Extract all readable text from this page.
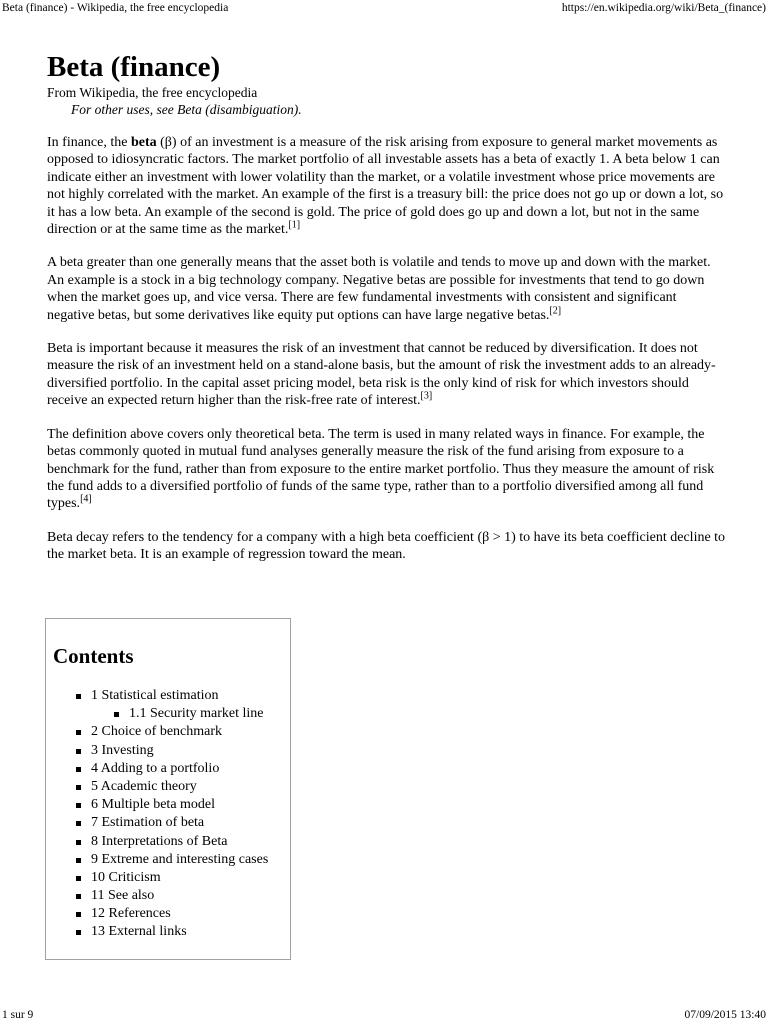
Beta (finance) - Wikipedia, the free encyclopedia	https://en.wikipedia.org/wiki/Beta_(finance)
Beta (finance)
From Wikipedia, the free encyclopedia
For other uses, see Beta (disambiguation).

In finance, the beta (β) of an investment is a measure of the risk arising from exposure to general market movements as opposed to idiosyncratic factors. The market portfolio of all investable assets has a beta of exactly 1. A beta below 1 can indicate either an investment with lower volatility than the market, or a volatile investment whose price movements are not highly correlated with the market. An example of the first is a treasury bill: the price does not go up or down a lot, so it has a low beta. An example of the second is gold. The price of gold does go up and down a lot, but not in the same direction or at the same time as the market.[1]

A beta greater than one generally means that the asset both is volatile and tends to move up and down with the market. An example is a stock in a big technology company. Negative betas are possible for investments that tend to go down when the market goes up, and vice versa. There are few fundamental investments with consistent and significant negative betas, but some derivatives like equity put options can have large negative betas.[2]

Beta is important because it measures the risk of an investment that cannot be reduced by diversification. It does not measure the risk of an investment held on a stand-alone basis, but the amount of risk the investment adds to an already-diversified portfolio. In the capital asset pricing model, beta risk is the only kind of risk for which investors should receive an expected return higher than the risk-free rate of interest.[3]

The definition above covers only theoretical beta. The term is used in many related ways in finance. For example, the betas commonly quoted in mutual fund analyses generally measure the risk of the fund arising from exposure to a benchmark for the fund, rather than from exposure to the entire market portfolio. Thus they measure the amount of risk the fund adds to a diversified portfolio of funds of the same type, rather than to a portfolio diversified among all fund types.[4]

Beta decay refers to the tendency for a company with a high beta coefficient (β > 1) to have its beta coefficient decline to the market beta. It is an example of regression toward the mean.

Contents
1 Statistical estimation
1.1 Security market line
2 Choice of benchmark
3 Investing
4 Adding to a portfolio
5 Academic theory
6 Multiple beta model
7 Estimation of beta
8 Interpretations of Beta
9 Extreme and interesting cases
10 Criticism
11 See also
12 References
13 External links
1 sur 9	07/09/2015 13:40
